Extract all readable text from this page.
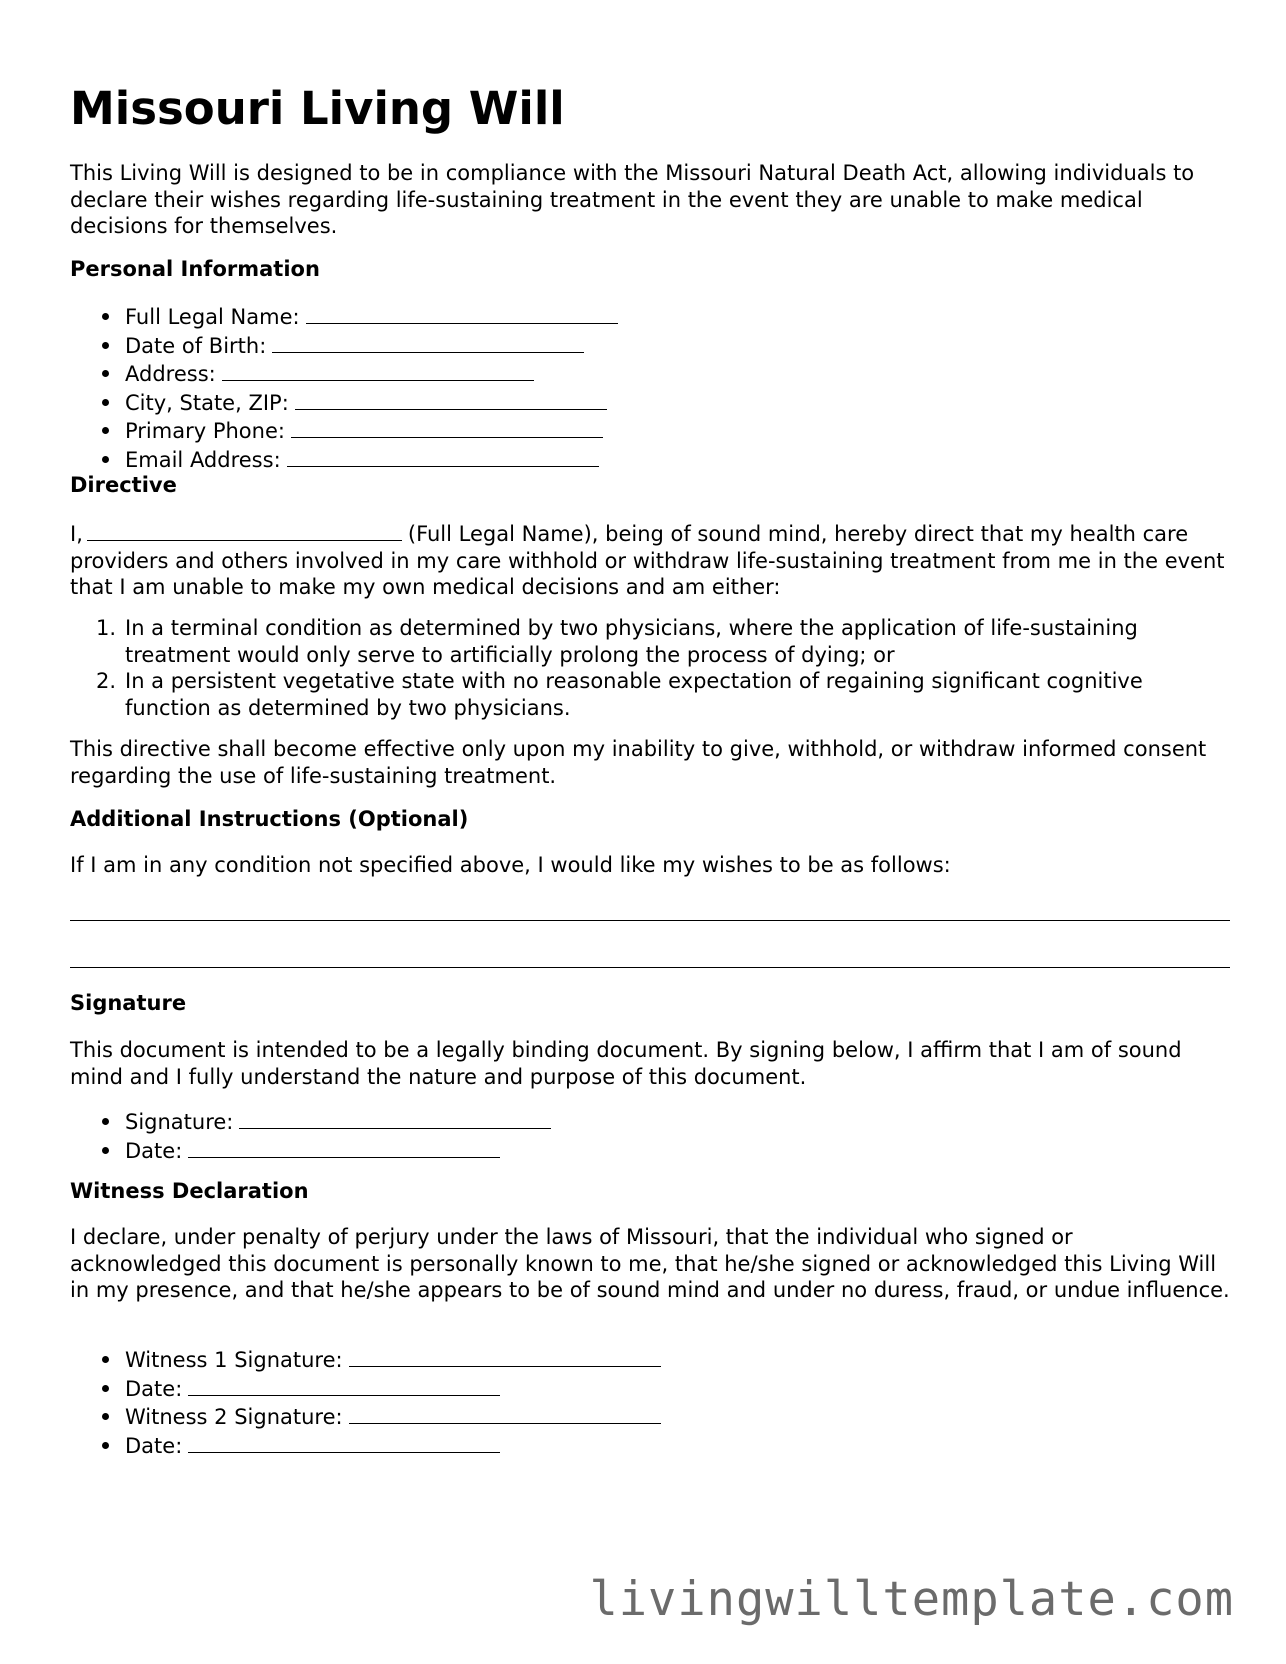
Missouri Living Will

This Living Will is designed to be in compliance with the Missouri Natural Death Act, allowing individuals to declare their wishes regarding life-sustaining treatment in the event they are unable to make medical decisions for themselves.

Personal Information

Full Legal Name:
Date of Birth:
Address:
City, State, ZIP:
Primary Phone:
Email Address:

Directive

I,	(Full Legal Name), being of sound mind, hereby direct that my health care providers and others involved in my care withhold or withdraw life-sustaining treatment from me in the event that I am unable to make my own medical decisions and am either:

1. In a terminal condition as determined by two physicians, where the application of life-sustaining treatment would only serve to artificially prolong the process of dying; or
2. In a persistent vegetative state with no reasonable expectation of regaining significant cognitive function as determined by two physicians.

This directive shall become effective only upon my inability to give, withhold, or withdraw informed consent regarding the use of life-sustaining treatment.

Additional Instructions (Optional)

If I am in any condition not specified above, I would like my wishes to be as follows:

Signature

This document is intended to be a legally binding document. By signing below, I affirm that I am of sound mind and I fully understand the nature and purpose of this document.

Signature:
Date:

Witness Declaration

I declare, under penalty of perjury under the laws of Missouri, that the individual who signed or acknowledged this document is personally known to me, that he/she signed or acknowledged this Living Will in my presence, and that he/she appears to be of sound mind and under no duress, fraud, or undue influence.

Witness 1 Signature:
Date:
Witness 2 Signature:
Date:
livingwilltemplate.com
